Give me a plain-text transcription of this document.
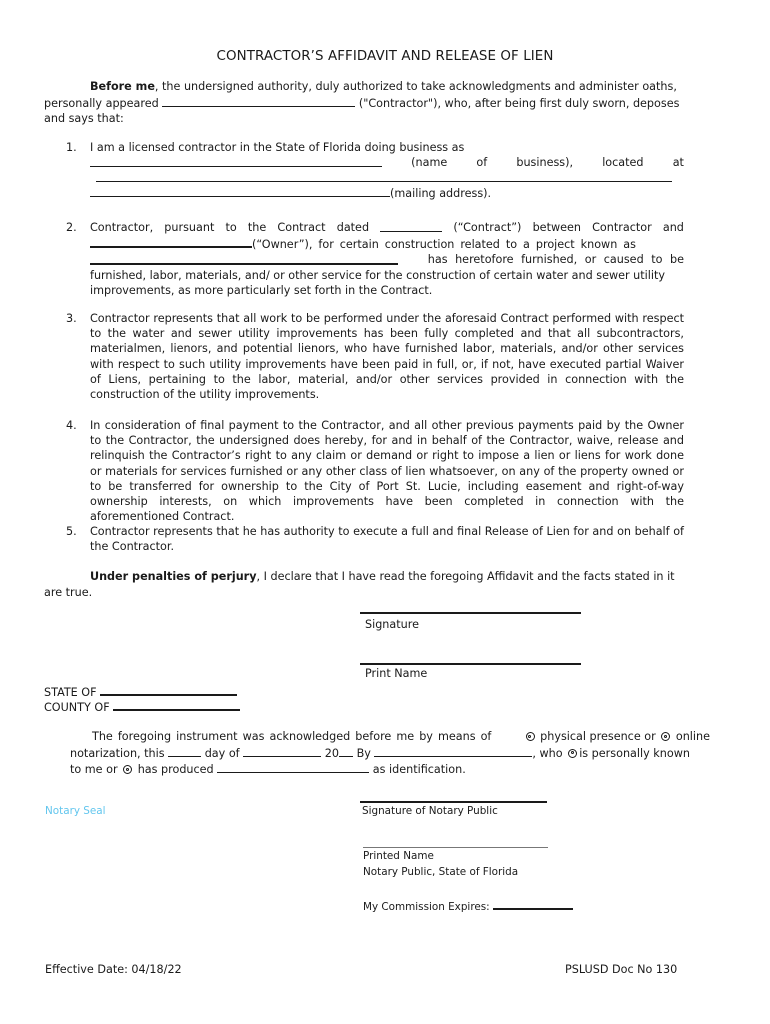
CONTRACTOR’S AFFIDAVIT AND RELEASE OF LIEN
Before me, the undersigned authority, duly authorized to take acknowledgments and administer oaths,
personally appeared	("Contractor"), who, after being first duly sworn, deposes
and says that:
1. I am a licensed contractor in the State of Florida doing business as
(name	of	business),	located	at
(mailing address).
2. Contractor, pursuant to the Contract dated	(“Contract”) between Contractor and
(“Owner”), for certain construction related to a project known as
has heretofore furnished, or caused to be
furnished, labor, materials, and/ or other service for the construction of certain water and sewer utility
improvements, as more particularly set forth in the Contract.
3. Contractor represents that all work to be performed under the aforesaid Contract performed with respect to the water and sewer utility improvements has been fully completed and that all subcontractors, materialmen, lienors, and potential lienors, who have furnished labor, materials, and/or other services with respect to such utility improvements have been paid in full, or, if not, have executed partial Waiver of Liens, pertaining to the labor, material, and/or other services provided in connection with the construction of the utility improvements.
4. In consideration of final payment to the Contractor, and all other previous payments paid by the Owner to the Contractor, the undersigned does hereby, for and in behalf of the Contractor, waive, release and relinquish the Contractor’s right to any claim or demand or right to impose a lien or liens for work done or materials for services furnished or any other class of lien whatsoever, on any of the property owned or to be transferred for ownership to the City of Port St. Lucie, including easement and right-of-way ownership interests, on which improvements have been completed in connection with the aforementioned Contract.
5. Contractor represents that he has authority to execute a full and final Release of Lien for and on behalf of the Contractor.
Under penalties of perjury, I declare that I have read the foregoing Affidavit and the facts stated in it
are true.
Signature
Print Name
STATE OF
COUNTY OF
The foregoing instrument was acknowledged before me by means of	physical presence or online
notarization, this	day of	20 By	, who is personally known
to me or has produced	as identification.
Notary Seal	Signature of Notary Public
Printed Name
Notary Public, State of Florida
My Commission Expires:
Effective Date: 04/18/22	PSLUSD Doc No 130
